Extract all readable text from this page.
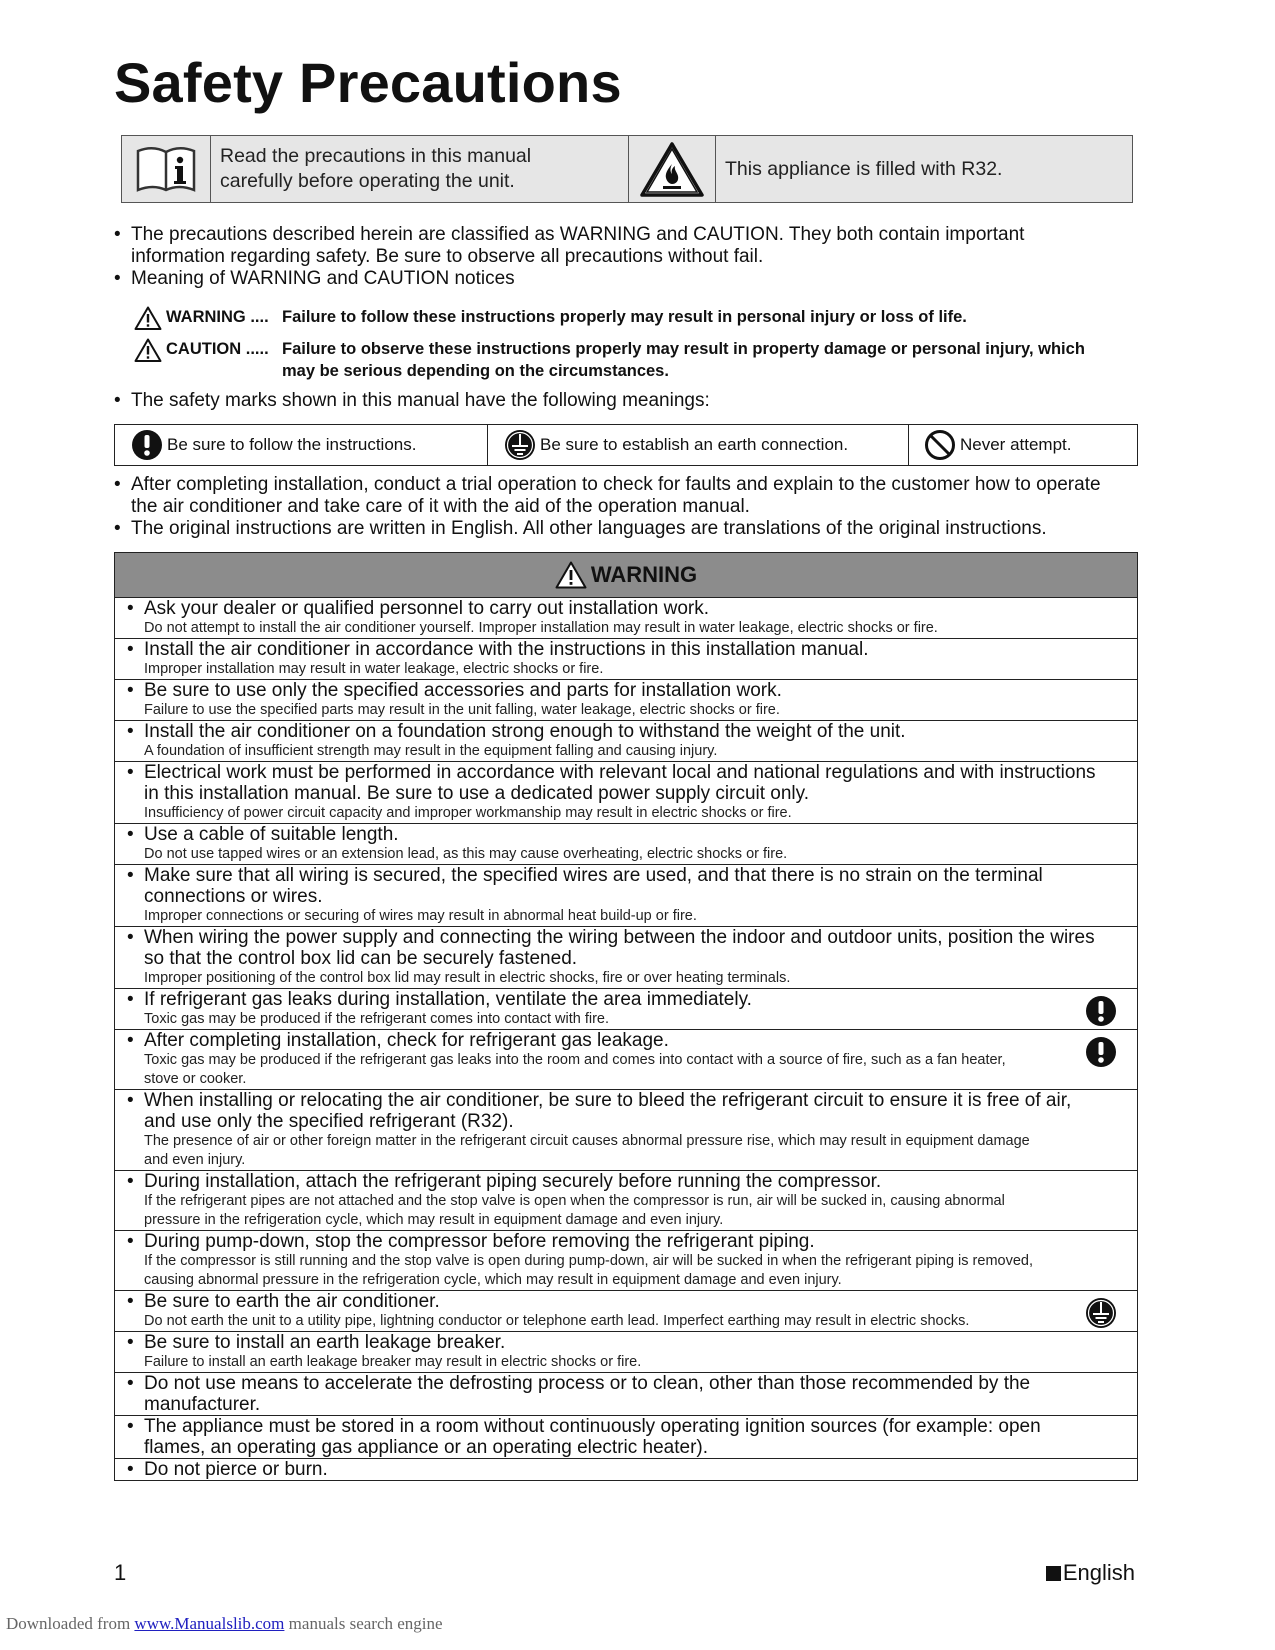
Safety Precautions
Read the precautions in this manual
carefully before operating the unit.
This appliance is filled with R32.
• The precautions described herein are classified as WARNING and CAUTION. They both contain important
information regarding safety. Be sure to observe all precautions without fail.
• Meaning of WARNING and CAUTION notices
WARNING .... Failure to follow these instructions properly may result in personal injury or loss of life.
CAUTION ..... Failure to observe these instructions properly may result in property damage or personal injury, which
may be serious depending on the circumstances.
• The safety marks shown in this manual have the following meanings:
Be sure to follow the instructions.	Be sure to establish an earth connection.	Never attempt.
• After completing installation, conduct a trial operation to check for faults and explain to the customer how to operate
the air conditioner and take care of it with the aid of the operation manual.
• The original instructions are written in English. All other languages are translations of the original instructions.
WARNING
• Ask your dealer or qualified personnel to carry out installation work.
Do not attempt to install the air conditioner yourself. Improper installation may result in water leakage, electric shocks or fire.
• Install the air conditioner in accordance with the instructions in this installation manual.
Improper installation may result in water leakage, electric shocks or fire.
• Be sure to use only the specified accessories and parts for installation work.
Failure to use the specified parts may result in the unit falling, water leakage, electric shocks or fire.
• Install the air conditioner on a foundation strong enough to withstand the weight of the unit.
A foundation of insufficient strength may result in the equipment falling and causing injury.
• Electrical work must be performed in accordance with relevant local and national regulations and with instructions
in this installation manual. Be sure to use a dedicated power supply circuit only.
Insufficiency of power circuit capacity and improper workmanship may result in electric shocks or fire.
• Use a cable of suitable length.
Do not use tapped wires or an extension lead, as this may cause overheating, electric shocks or fire.
• Make sure that all wiring is secured, the specified wires are used, and that there is no strain on the terminal
connections or wires.
Improper connections or securing of wires may result in abnormal heat build-up or fire.
• When wiring the power supply and connecting the wiring between the indoor and outdoor units, position the wires
so that the control box lid can be securely fastened.
Improper positioning of the control box lid may result in electric shocks, fire or over heating terminals.
• If refrigerant gas leaks during installation, ventilate the area immediately.
Toxic gas may be produced if the refrigerant comes into contact with fire.
• After completing installation, check for refrigerant gas leakage.
Toxic gas may be produced if the refrigerant gas leaks into the room and comes into contact with a source of fire, such as a fan heater,
stove or cooker.
• When installing or relocating the air conditioner, be sure to bleed the refrigerant circuit to ensure it is free of air,
and use only the specified refrigerant (R32).
The presence of air or other foreign matter in the refrigerant circuit causes abnormal pressure rise, which may result in equipment damage
and even injury.
• During installation, attach the refrigerant piping securely before running the compressor.
If the refrigerant pipes are not attached and the stop valve is open when the compressor is run, air will be sucked in, causing abnormal
pressure in the refrigeration cycle, which may result in equipment damage and even injury.
• During pump-down, stop the compressor before removing the refrigerant piping.
If the compressor is still running and the stop valve is open during pump-down, air will be sucked in when the refrigerant piping is removed,
causing abnormal pressure in the refrigeration cycle, which may result in equipment damage and even injury.
• Be sure to earth the air conditioner.
Do not earth the unit to a utility pipe, lightning conductor or telephone earth lead. Imperfect earthing may result in electric shocks.
• Be sure to install an earth leakage breaker.
Failure to install an earth leakage breaker may result in electric shocks or fire.
• Do not use means to accelerate the defrosting process or to clean, other than those recommended by the
manufacturer.
• The appliance must be stored in a room without continuously operating ignition sources (for example: open
flames, an operating gas appliance or an operating electric heater).
• Do not pierce or burn.
1	English
Downloaded from www.Manualslib.com manuals search engine
